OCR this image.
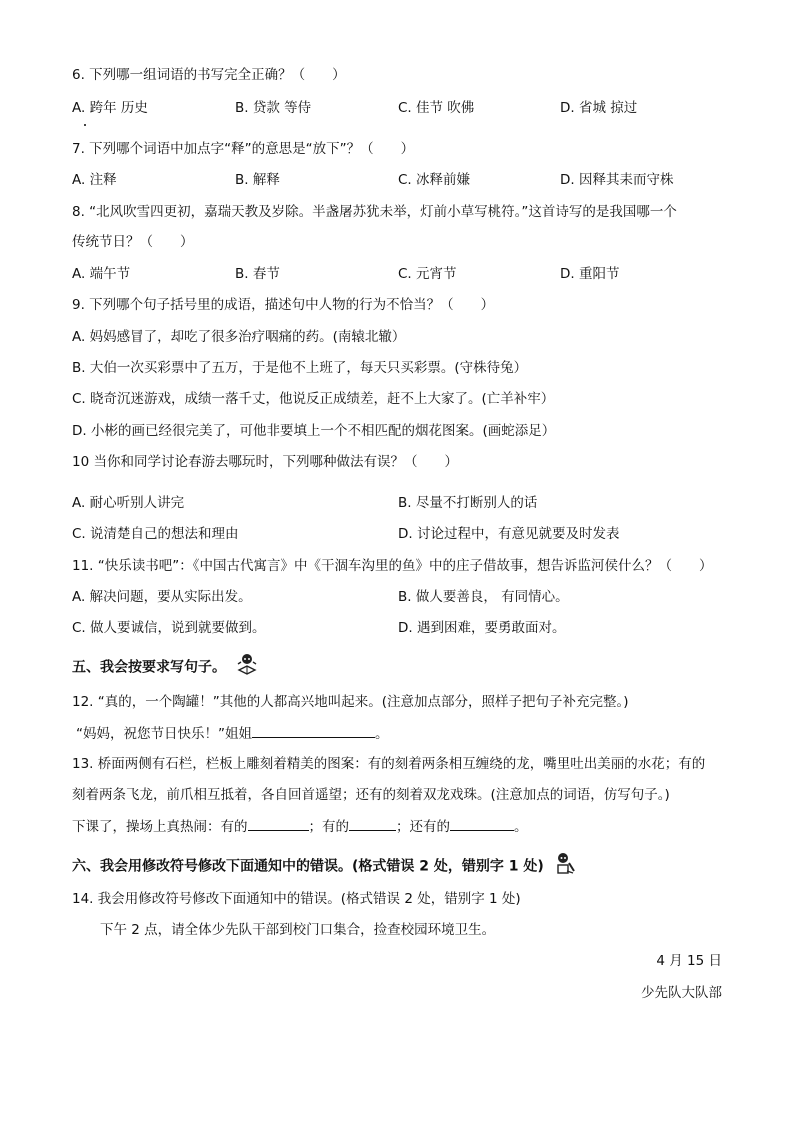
6. 下列哪一组词语的书写完全正确？（　　）
A. 跨年 历史	B. 贷款 等侍	C. 佳节 吹佛	D. 省城 掠过
7. 下列哪个词语中加点字“释”的意思是“放下”？（　　）
A. 注释	B. 解释	C. 冰释前嫌	D. 因释其耒而守株
8. “北风吹雪四更初，嘉瑞天教及岁除。半盏屠苏犹未举，灯前小草写桃符。”这首诗写的是我国哪一个
传统节日？（　　）
A. 端午节	B. 春节	C. 元宵节	D. 重阳节
9. 下列哪个句子括号里的成语，描述句中人物的行为不恰当？（　　）
A. 妈妈感冒了，却吃了很多治疗咽痛的药。(南辕北辙）
B. 大伯一次买彩票中了五万，于是他不上班了，每天只买彩票。(守株待兔）
C. 晓奇沉迷游戏，成绩一落千丈，他说反正成绩差，赶不上大家了。(亡羊补牢）
D. 小彬的画已经很完美了，可他非要填上一个不相匹配的烟花图案。(画蛇添足）
10 当你和同学讨论春游去哪玩时，下列哪种做法有误？（　　）
A. 耐心听别人讲完	B. 尽量不打断别人的话
C. 说清楚自己的想法和理由	D. 讨论过程中，有意见就要及时发表
11. “快乐读书吧”：《中国古代寓言》中《干涸车沟里的鱼》中的庄子借故事，想告诉监河侯什么？（　　）
A. 解决问题，要从实际出发。	B. 做人要善良， 有同情心。
C. 做人要诚信，说到就要做到。	D. 遇到困难，要勇敢面对。
五、我会按要求写句子。
12. “真的，一个陶罐！”其他的人都高兴地叫起来。(注意加点部分，照样子把句子补充完整。)
“妈妈，祝您节日快乐！”姐姐	。
13. 桥面两侧有石栏，栏板上雕刻着精美的图案：有的刻着两条相互缠绕的龙，嘴里吐出美丽的水花；有的
刻着两条飞龙，前爪相互抵着，各自回首遥望；还有的刻着双龙戏珠。(注意加点的词语，仿写句子。)
下课了，操场上真热闹：有的	；有的	；还有的	。
六、我会用修改符号修改下面通知中的错误。(格式错误 2 处，错别字 1 处)
14. 我会用修改符号修改下面通知中的错误。(格式错误 2 处，错别字 1 处)
下午 2 点，请全体少先队干部到校门口集合，捡查校园环境卫生。
4 月 15 日
少先队大队部
